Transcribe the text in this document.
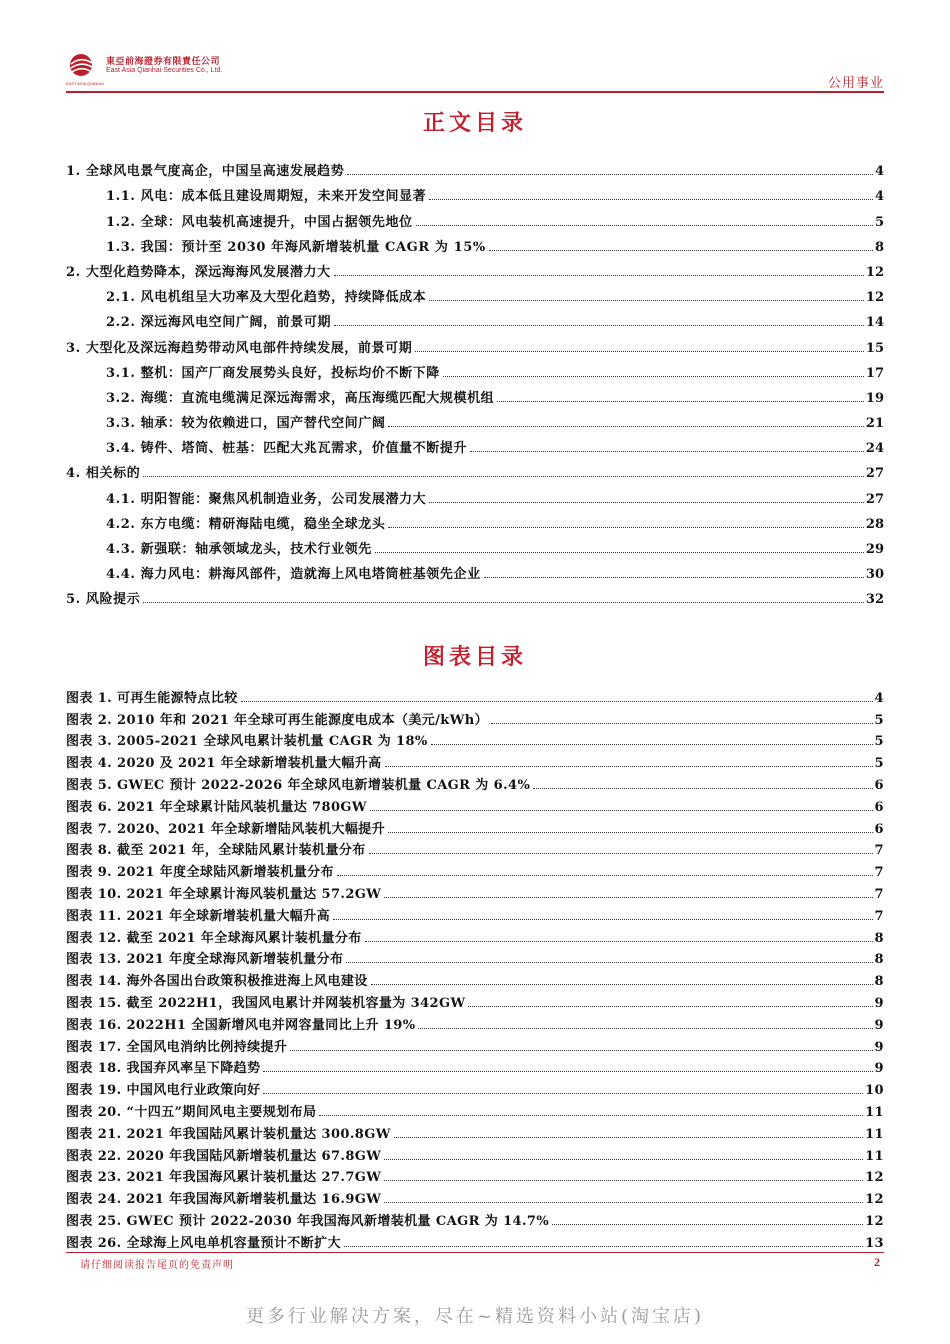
東亞前海證券有限責任公司
East Asia Qianhai Securities Co., Ltd.
EAST ASIA QIANHAI	公用事业
正文目录
1. 全球风电景气度高企，中国呈高速发展趋势	4
1.1. 风电：成本低且建设周期短，未来开发空间显著	4
1.2. 全球：风电装机高速提升，中国占据领先地位	5
1.3. 我国：预计至 2030 年海风新增装机量 CAGR 为 15%	8
2. 大型化趋势降本，深远海海风发展潜力大	12
2.1. 风电机组呈大功率及大型化趋势，持续降低成本	12
2.2. 深远海风电空间广阔，前景可期	14
3. 大型化及深远海趋势带动风电部件持续发展，前景可期	15
3.1. 整机：国产厂商发展势头良好，投标均价不断下降	17
3.2. 海缆：直流电缆满足深远海需求，高压海缆匹配大规模机组	19
3.3. 轴承：较为依赖进口，国产替代空间广阔	21
3.4. 铸件、塔筒、桩基：匹配大兆瓦需求，价值量不断提升	24
4. 相关标的	27
4.1. 明阳智能：聚焦风机制造业务，公司发展潜力大	27
4.2. 东方电缆：精研海陆电缆，稳坐全球龙头	28
4.3. 新强联：轴承领域龙头，技术行业领先	29
4.4. 海力风电：耕海风部件，造就海上风电塔筒桩基领先企业	30
5. 风险提示	32
图表目录
图表 1. 可再生能源特点比较	4
图表 2. 2010 年和 2021 年全球可再生能源度电成本（美元/kWh）	5
图表 3. 2005-2021 全球风电累计装机量 CAGR 为 18%	5
图表 4. 2020 及 2021 年全球新增装机量大幅升高	5
图表 5. GWEC 预计 2022-2026 年全球风电新增装机量 CAGR 为 6.4%	6
图表 6. 2021 年全球累计陆风装机量达 780GW	6
图表 7. 2020、2021 年全球新增陆风装机大幅提升	6
图表 8. 截至 2021 年，全球陆风累计装机量分布	7
图表 9. 2021 年度全球陆风新增装机量分布	7
图表 10. 2021 年全球累计海风装机量达 57.2GW	7
图表 11. 2021 年全球新增装机量大幅升高	7
图表 12. 截至 2021 年全球海风累计装机量分布	8
图表 13. 2021 年度全球海风新增装机量分布	8
图表 14. 海外各国出台政策积极推进海上风电建设	8
图表 15. 截至 2022H1，我国风电累计并网装机容量为 342GW	9
图表 16. 2022H1 全国新增风电并网容量同比上升 19%	9
图表 17. 全国风电消纳比例持续提升	9
图表 18. 我国弃风率呈下降趋势	9
图表 19. 中国风电行业政策向好	10
图表 20. “十四五”期间风电主要规划布局	11
图表 21. 2021 年我国陆风累计装机量达 300.8GW	11
图表 22. 2020 年我国陆风新增装机量达 67.8GW	11
图表 23. 2021 年我国海风累计装机量达 27.7GW	12
图表 24. 2021 年我国海风新增装机量达 16.9GW	12
图表 25. GWEC 预计 2022-2030 年我国海风新增装机量 CAGR 为 14.7%	12
图表 26. 全球海上风电单机容量预计不断扩大	13
请仔细阅读报告尾页的免责声明	2
更多行业解决方案，尽在~精选资料小站(淘宝店)
